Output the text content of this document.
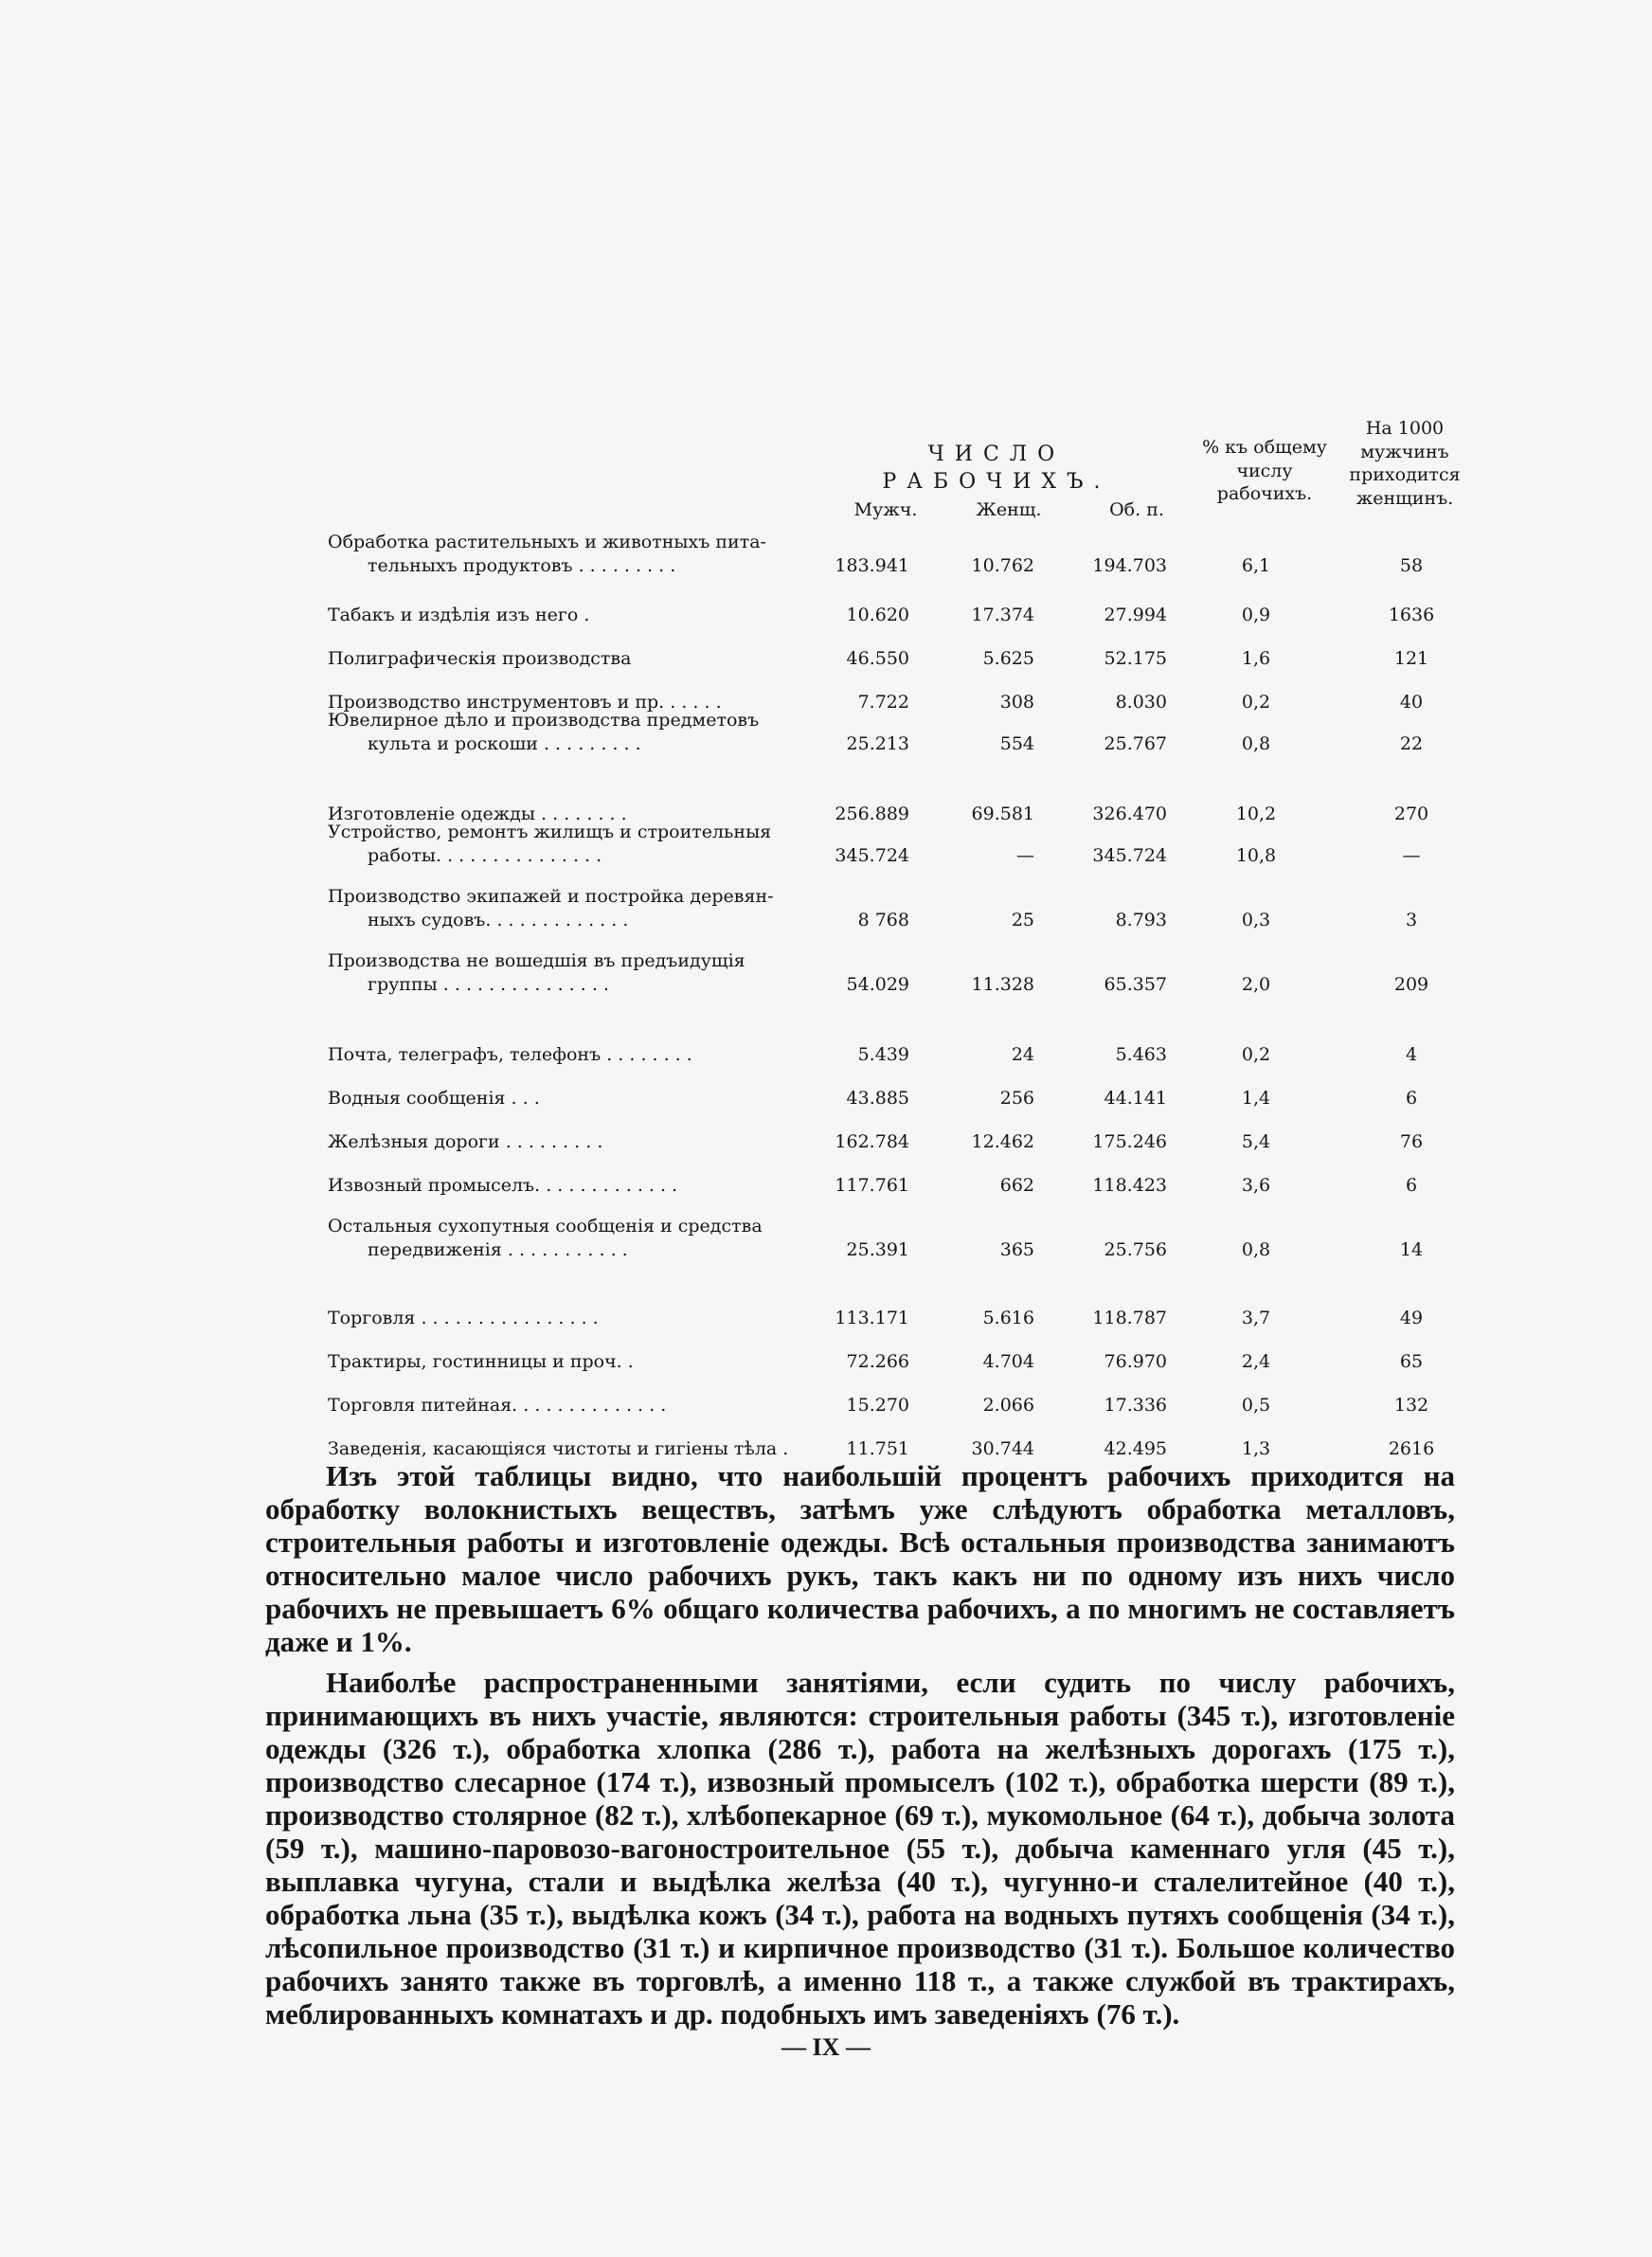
ЧИСЛО РАБОЧИХЪ.
Мужч.	Женщ.	Об. п.
% къ общему числу рабочихъ.
На 1000 мужчинъ приходится женщинъ.
Обработка растительныхъ и животныхъ пита-
тельныхъ продуктовъ . . . . . . . . .	183.941	10.762	194.703	6,1	58
Табакъ и издѣлія изъ него .	10.620	17.374	27.994	0,9	1636
Полиграфическія производства	46.550	5.625	52.175	1,6	121
Производство инструментовъ и пр. . . . . .	7.722	308	8.030	0,2	40
Ювелирное дѣло и производства предметовъ
культа и роскоши . . . . . . . . .	25.213	554	25.767	0,8	22
Изготовленіе одежды . . . . . . . .	256.889	69.581	326.470	10,2	270
Устройство, ремонтъ жилищъ и строительныя
работы. . . . . . . . . . . . . . .	345.724	—	345.724	10,8	—
Производство экипажей и постройка деревян-
ныхъ судовъ. . . . . . . . . . . . .	8 768	25	8.793	0,3	3
Производства не вошедшія въ предъидущія
группы . . . . . . . . . . . . . . .	54.029	11.328	65.357	2,0	209
Почта, телеграфъ, телефонъ . . . . . . . .	5.439	24	5.463	0,2	4
Водныя сообщенія . . .	43.885	256	44.141	1,4	6
Желѣзныя дороги . . . . . . . . .	162.784	12.462	175.246	5,4	76
Извозный промыселъ. . . . . . . . . . . . .	117.761	662	118.423	3,6	6
Остальныя сухопутныя сообщенія и средства
передвиженія . . . . . . . . . . .	25.391	365	25.756	0,8	14
Торговля . . . . . . . . . . . . . . . .	113.171	5.616	118.787	3,7	49
Трактиры, гостинницы и проч. .	72.266	4.704	76.970	2,4	65
Торговля питейная. . . . . . . . . . . . . .	15.270	2.066	17.336	0,5	132
Заведенія, касающіяся чистоты и гигіены тѣла .	11.751	30.744	42.495	1,3	2616

Изъ этой таблицы видно, что наибольшій процентъ рабочихъ приходится на обработку волокнистыхъ веществъ, затѣмъ уже слѣдуютъ обработка металловъ, строительныя работы и изготовленіе одежды. Всѣ остальныя производства занимаютъ относительно малое число рабочихъ рукъ, такъ какъ ни по одному изъ нихъ число рабочихъ не превышаетъ 6% общаго количества рабочихъ, а по многимъ не составляетъ даже и 1%.

Наиболѣе распространенными занятіями, если судить по числу рабочихъ, принимающихъ въ нихъ участіе, являются: строительныя работы (345 т.), изготовленіе одежды (326 т.), обработка хлопка (286 т.), работа на желѣзныхъ дорогахъ (175 т.), производство слесарное (174 т.), извозный промыселъ (102 т.), обработка шерсти (89 т.), производство столярное (82 т.), хлѣбопекарное (69 т.), мукомольное (64 т.), добыча золота (59 т.), машино-паровозо-вагоностроительное (55 т.), добыча каменнаго угля (45 т.), выплавка чугуна, стали и выдѣлка желѣза (40 т.), чугунно-и сталелитейное (40 т.), обработка льна (35 т.), выдѣлка кожъ (34 т.), работа на водныхъ путяхъ сообщенія (34 т.), лѣсопильное производство (31 т.) и кирпичное производство (31 т.). Большое количество рабочихъ занято также въ торговлѣ, а именно 118 т., а также службой въ трактирахъ, меблированныхъ комнатахъ и др. подобныхъ имъ заведеніяхъ (76 т.).

— IX —
